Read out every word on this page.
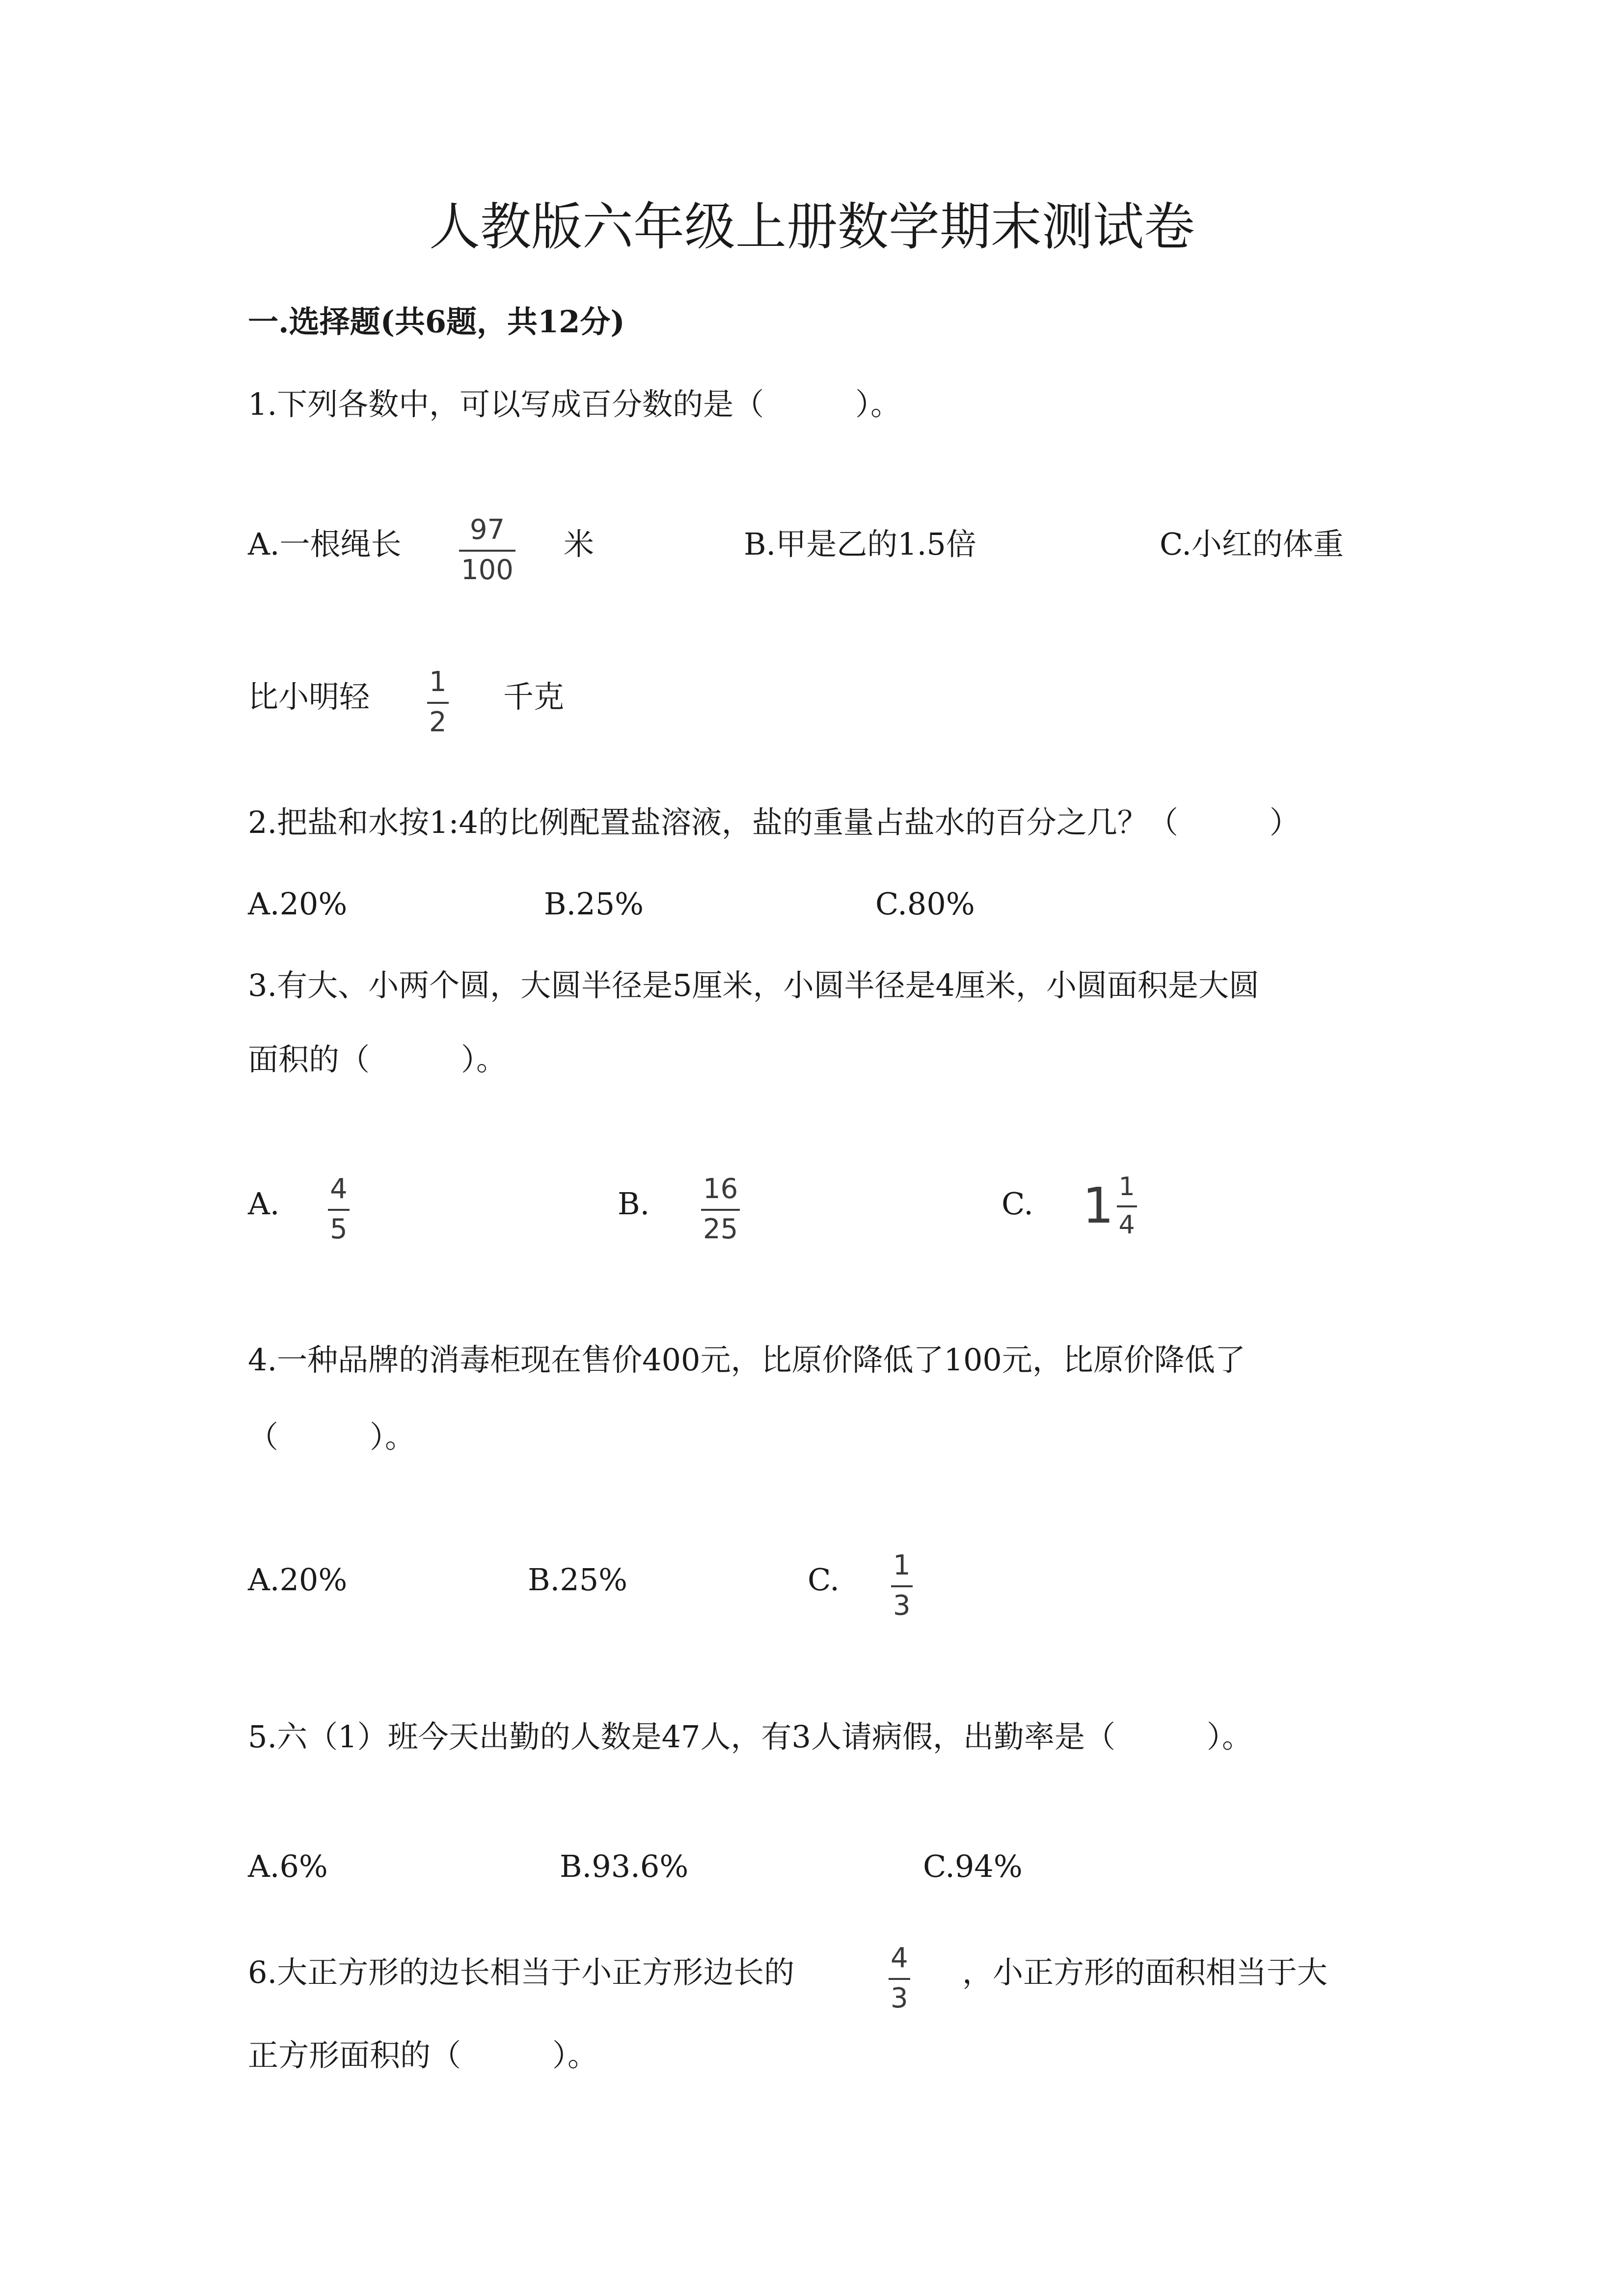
人教版六年级上册数学期末测试卷
一.选择题(共6题，共12分)
1.下列各数中，可以写成百分数的是（　　　）。
A.一根绳长 97
100
米	B.甲是乙的1.5倍	C.小红的体重
比小明轻 1
2
千克
2.把盐和水按1:4的比例配置盐溶液，盐的重量占盐水的百分之几？（　　　）
A.20%	B.25%	C.80%
3.有大、小两个圆，大圆半径是5厘米，小圆半径是4厘米，小圆面积是大圆
面积的（　　　）。
A. 4
5
B. 16
25
C. $1 \frac{1}{4}$
4.一种品牌的消毒柜现在售价400元，比原价降低了100元，比原价降低了
（　　　）。
A.20%	B.25%	C. 1
3
5.六（1）班今天出勤的人数是47人，有3人请病假，出勤率是（　　　）。
A.6%	B.93.6%	C.94%
6.大正方形的边长相当于小正方形边长的	4
3
，小正方形的面积相当于大
正方形面积的（　　　）。
